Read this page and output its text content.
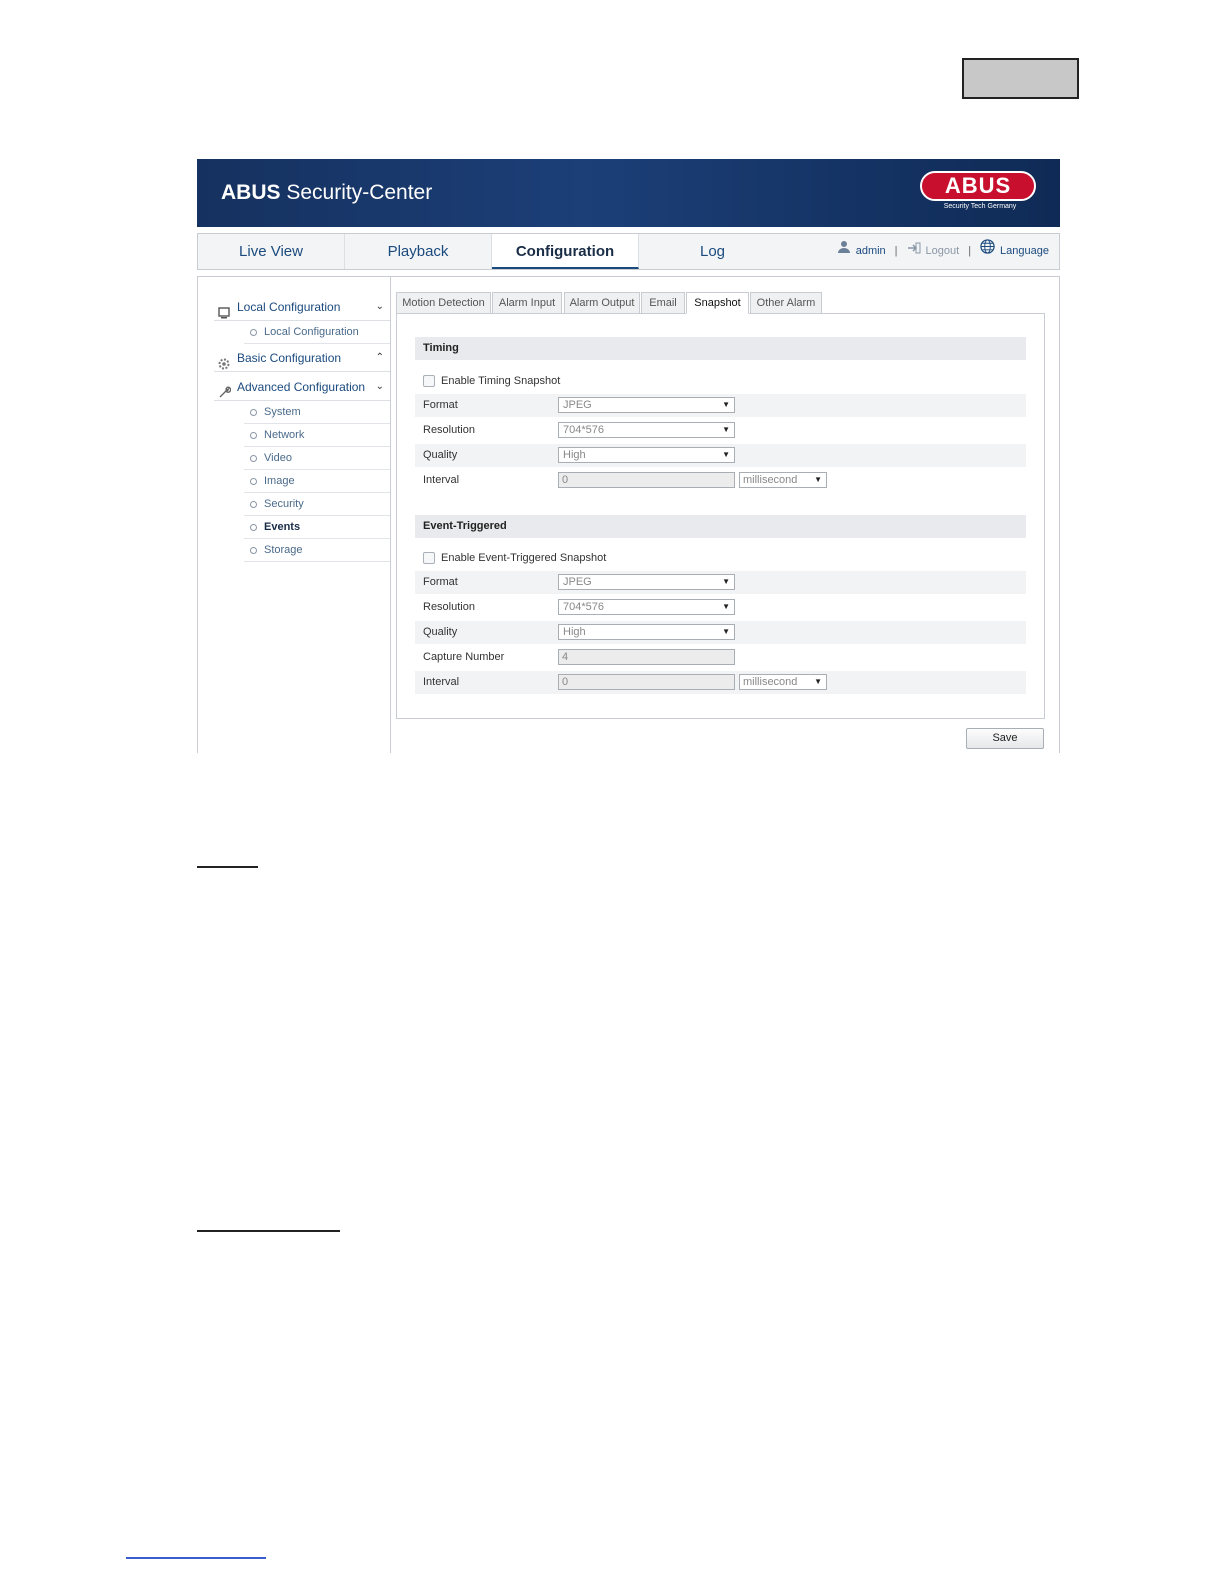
ABUS Security-Center	ABUS
Security Tech Germany
Live View	Playback	Configuration	Log	admin |	Logout |	Language
Local Configuration	⌄
Local Configuration
Basic Configuration	⌃
Advanced Configuration ⌄
System
Network
Video
Image
Security
Events
Storage
Motion Detection	Alarm Input	Alarm Output	Email	Snapshot	Other Alarm
Timing
Enable Timing Snapshot
Format	JPEG	▼
Resolution	704*576	▼
Quality	High	▼
Interval	0	millisecond ▼
Event-Triggered
Enable Event-Triggered Snapshot
Format	JPEG	▼
Resolution	704*576	▼
Quality	High	▼
Capture Number	4
Interval	0	millisecond ▼
Save
